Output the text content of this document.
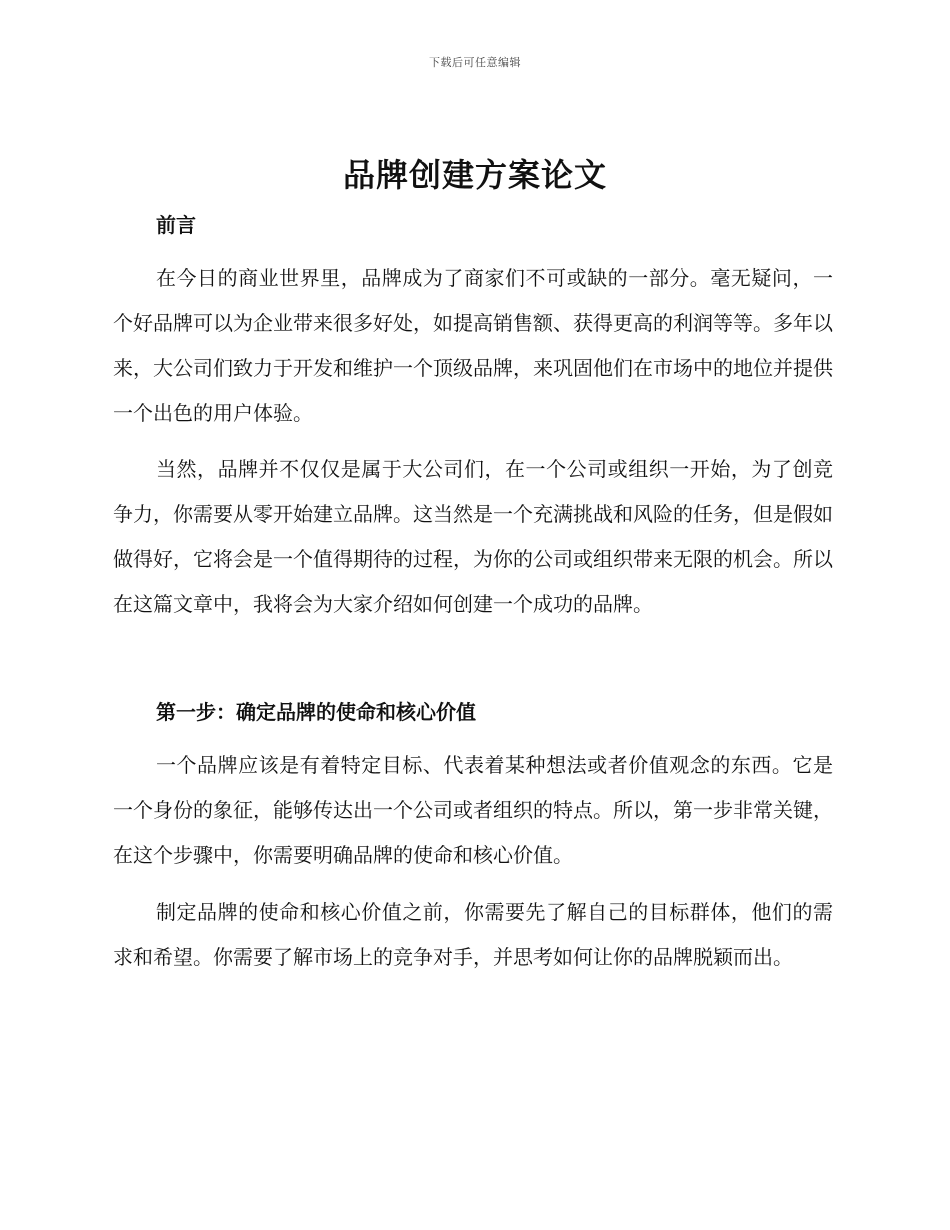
下载后可任意编辑
品牌创建方案论文
前言

在今日的商业世界里，品牌成为了商家们不可或缺的一部分。毫无疑问，一个好品牌可以为企业带来很多好处，如提高销售额、获得更高的利润等等。多年以来，大公司们致力于开发和维护一个顶级品牌，来巩固他们在市场中的地位并提供一个出色的用户体验。

当然，品牌并不仅仅是属于大公司们，在一个公司或组织一开始，为了创竞争力，你需要从零开始建立品牌。这当然是一个充满挑战和风险的任务，但是假如做得好，它将会是一个值得期待的过程，为你的公司或组织带来无限的机会。所以在这篇文章中，我将会为大家介绍如何创建一个成功的品牌。

第一步：确定品牌的使命和核心价值

一个品牌应该是有着特定目标、代表着某种想法或者价值观念的东西。它是一个身份的象征，能够传达出一个公司或者组织的特点。所以，第一步非常关键，在这个步骤中，你需要明确品牌的使命和核心价值。

制定品牌的使命和核心价值之前，你需要先了解自己的目标群体，他们的需求和希望。你需要了解市场上的竞争对手，并思考如何让你的品牌脱颖而出。
